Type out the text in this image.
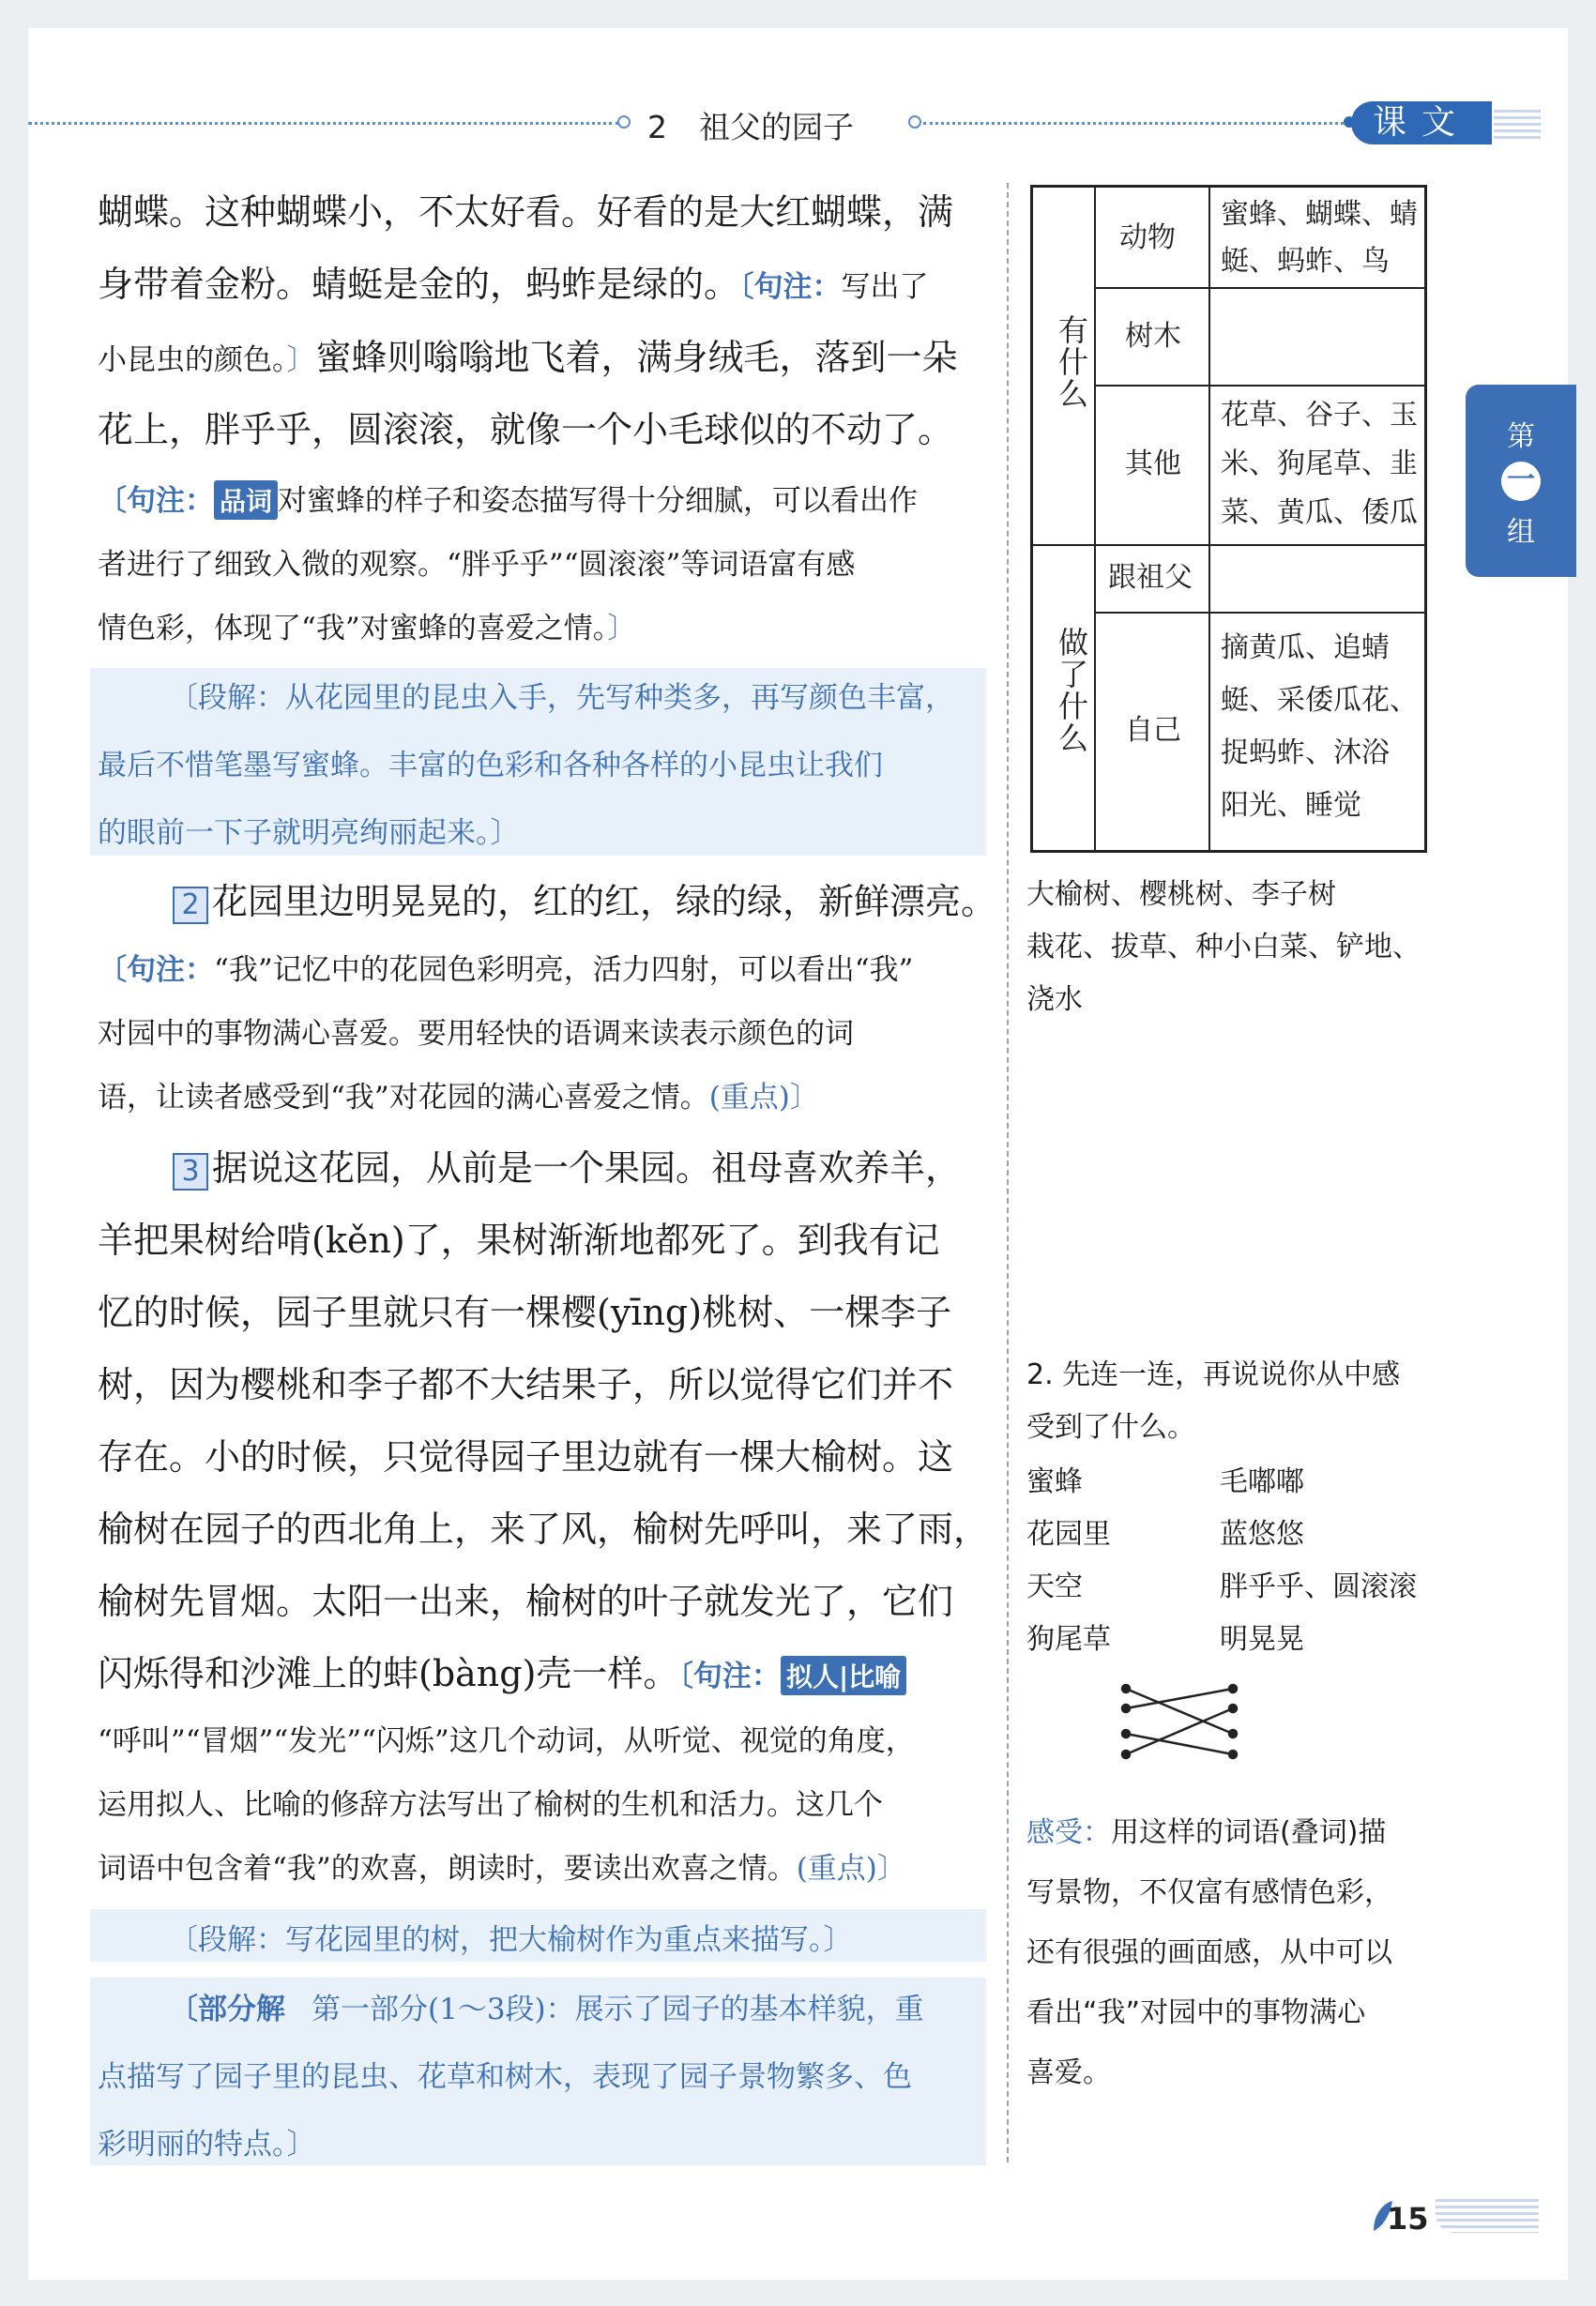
2 祖父的园子	课文
第
一
组
蝴蝶。这种蝴蝶小，不太好看。好看的是大红蝴蝶，满
身带着金粉。蜻蜓是金的，蚂蚱是绿的。〔句注：写出了
小昆虫的颜色。〕蜜蜂则嗡嗡地飞着，满身绒毛，落到一朵
花上，胖乎乎，圆滚滚，就像一个小毛球似的不动了。
〔句注： 品词 对蜜蜂的样子和姿态描写得十分细腻，可以看出作
者进行了细致入微的观察。“胖乎乎”“圆滚滚”等词语富有感
情色彩，体现了“我”对蜜蜂的喜爱之情。〕
〔段解：从花园里的昆虫入手，先写种类多，再写颜色丰富，
最后不惜笔墨写蜜蜂。丰富的色彩和各种各样的小昆虫让我们
的眼前一下子就明亮绚丽起来。〕
2 花园里边明晃晃的，红的红，绿的绿，新鲜漂亮。
〔句注：“我”记忆中的花园色彩明亮，活力四射，可以看出“我”
对园中的事物满心喜爱。要用轻快的语调来读表示颜色的词
语，让读者感受到“我”对花园的满心喜爱之情。(重点)〕
3 据说这花园，从前是一个果园。祖母喜欢养羊，
羊把果树给啃(kěn)了，果树渐渐地都死了。到我有记
忆的时候，园子里就只有一棵樱(yīng)桃树、一棵李子
树，因为樱桃和李子都不大结果子，所以觉得它们并不
存在。小的时候，只觉得园子里边就有一棵大榆树。这
榆树在园子的西北角上，来了风，榆树先呼叫，来了雨，
榆树先冒烟。太阳一出来，榆树的叶子就发光了，它们
闪烁得和沙滩上的蚌(bàng)壳一样。〔句注： 拟人|比喻
“呼叫”“冒烟”“发光”“闪烁”这几个动词，从听觉、视觉的角度，
运用拟人、比喻的修辞方法写出了榆树的生机和活力。这几个
词语中包含着“我”的欢喜，朗读时，要读出欢喜之情。(重点)〕
〔段解：写花园里的树，把大榆树作为重点来描写。〕
〔部分解 第一部分(1～3段)：展示了园子的基本样貌，重
点描写了园子里的昆虫、花草和树木，表现了园子景物繁多、色
彩明丽的特点。〕
有什么
做了什么
动物
蜜蜂、蝴蝶、蜻
蜓、蚂蚱、鸟
树木
其他
花草、谷子、玉
米、狗尾草、韭
菜、黄瓜、倭瓜
跟祖父
自己
摘黄瓜、追蜻
蜓、采倭瓜花、
捉蚂蚱、沐浴
阳光、睡觉
大榆树、樱桃树、李子树
栽花、拔草、种小白菜、铲地、
浇水
2. 先连一连，再说说你从中感
受到了什么。
蜜蜂
花园里
天空
狗尾草
毛嘟嘟
蓝悠悠
胖乎乎、圆滚滚
明晃晃
感受：用这样的词语(叠词)描
写景物，不仅富有感情色彩，
还有很强的画面感，从中可以
看出“我”对园中的事物满心
喜爱。
15
